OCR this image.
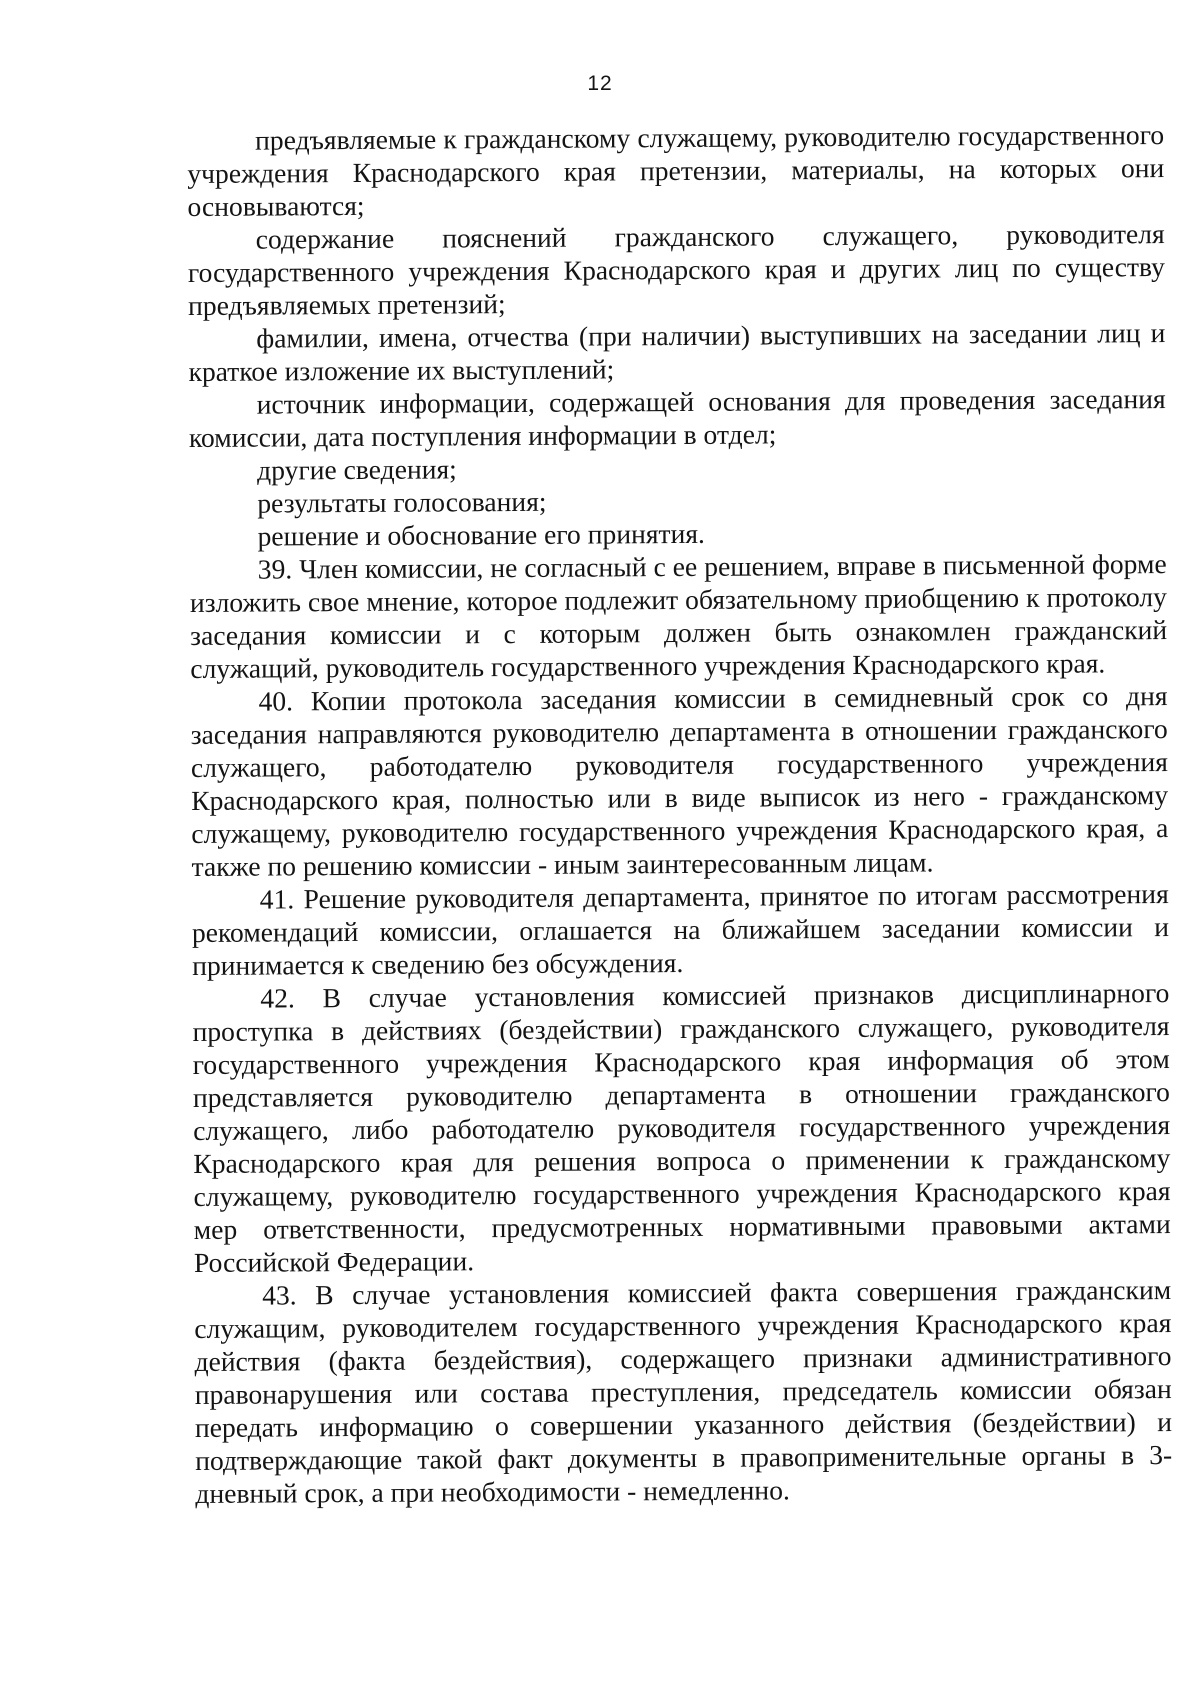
12

предъявляемые к гражданскому служащему, руководителю государственного учреждения Краснодарского края претензии, материалы, на которых они основываются;

содержание пояснений гражданского служащего, руководителя государственного учреждения Краснодарского края и других лиц по существу предъявляемых претензий;

фамилии, имена, отчества (при наличии) выступивших на заседании лиц и краткое изложение их выступлений;

источник информации, содержащей основания для проведения заседания комиссии, дата поступления информации в отдел;

другие сведения;
результаты голосования;
решение и обоснование его принятия.

39. Член комиссии, не согласный с ее решением, вправе в письменной форме изложить свое мнение, которое подлежит обязательному приобщению к протоколу заседания комиссии и с которым должен быть ознакомлен гражданский служащий, руководитель государственного учреждения Краснодарского края.

40. Копии протокола заседания комиссии в семидневный срок со дня заседания направляются руководителю департамента в отношении гражданского служащего, работодателю руководителя государственного учреждения Краснодарского края, полностью или в виде выписок из него - гражданскому служащему, руководителю государственного учреждения Краснодарского края, а также по решению комиссии - иным заинтересованным лицам.

41. Решение руководителя департамента, принятое по итогам рассмотрения рекомендаций комиссии, оглашается на ближайшем заседании комиссии и принимается к сведению без обсуждения.

42. В случае установления комиссией признаков дисциплинарного проступка в действиях (бездействии) гражданского служащего, руководителя государственного учреждения Краснодарского края информация об этом представляется руководителю департамента в отношении гражданского служащего, либо работодателю руководителя государственного учреждения Краснодарского края для решения вопроса о применении к гражданскому служащему, руководителю государственного учреждения Краснодарского края мер ответственности, предусмотренных нормативными правовыми актами Российской Федерации.

43. В случае установления комиссией факта совершения гражданским служащим, руководителем государственного учреждения Краснодарского края действия (факта бездействия), содержащего признаки административного правонарушения или состава преступления, председатель комиссии обязан передать информацию о совершении указанного действия (бездействии) и подтверждающие такой факт документы в правоприменительные органы в 3-дневный срок, а при необходимости - немедленно.
